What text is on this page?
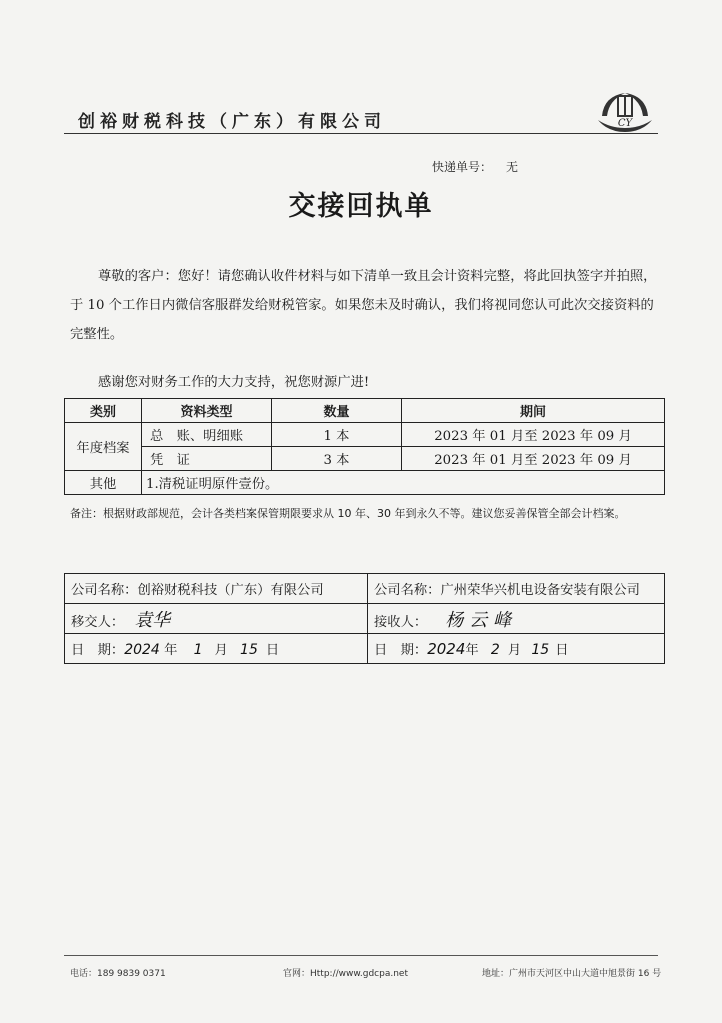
创裕财税科技（广东）有限公司	CY
快递单号： 无
交接回执单
尊敬的客户：您好！请您确认收件材料与如下清单一致且会计资料完整，将此回执签字并拍照，于 10 个工作日内微信客服群发给财税管家。如果您未及时确认，我们将视同您认可此次交接资料的完整性。
感谢您对财务工作的大力支持，祝您财源广进!
类别	资料类型	数量	期间
年度档案	总　账、明细账	1 本	2023 年 01 月至 2023 年 09 月
	凭　证	3 本	2023 年 01 月至 2023 年 09 月
其他	1.清税证明原件壹份。		
备注：根据财政部规范，会计各类档案保管期限要求从 10 年、30 年到永久不等。建议您妥善保管全部会计档案。
公司名称：创裕财税科技（广东）有限公司	公司名称：广州荣华兴机电设备安装有限公司
移交人： 袁华	接收人： 杨云峰
日　期：2024 年 1 月 15 日	日　期：2024年 2 月 15 日
电话：189 9839 0371	官网：Http://www.gdcpa.net	地址：广州市天河区中山大道中旭景街 16 号
